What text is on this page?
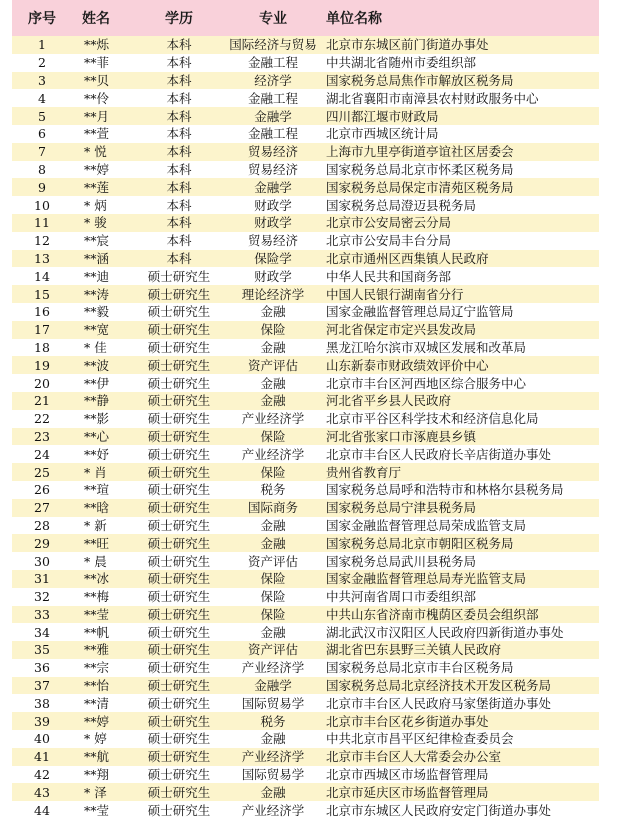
序号	姓名	学历	专业	单位名称
1	**烁	本科	国际经济与贸易	北京市东城区前门街道办事处
2	**菲	本科	金融工程	中共湖北省随州市委组织部
3	**贝	本科	经济学	国家税务总局焦作市解放区税务局
4	**伶	本科	金融工程	湖北省襄阳市南漳县农村财政服务中心
5	**月	本科	金融学	四川都江堰市财政局
6	**萱	本科	金融工程	北京市西城区统计局
7	* 悦	本科	贸易经济	上海市九里亭街道亭谊社区居委会
8	**婷	本科	贸易经济	国家税务总局北京市怀柔区税务局
9	**莲	本科	金融学	国家税务总局保定市清苑区税务局
10	* 炳	本科	财政学	国家税务总局澄迈县税务局
11	* 骏	本科	财政学	北京市公安局密云分局
12	**宸	本科	贸易经济	北京市公安局丰台分局
13	**涵	本科	保险学	北京市通州区西集镇人民政府
14	**迪	硕士研究生	财政学	中华人民共和国商务部
15	**涛	硕士研究生	理论经济学	中国人民银行湖南省分行
16	**毅	硕士研究生	金融	国家金融监督管理总局辽宁监管局
17	**宽	硕士研究生	保险	河北省保定市定兴县发改局
18	* 佳	硕士研究生	金融	黑龙江哈尔滨市双城区发展和改革局
19	**波	硕士研究生	资产评估	山东新泰市财政绩效评价中心
20	**伊	硕士研究生	金融	北京市丰台区河西地区综合服务中心
21	**静	硕士研究生	金融	河北省平乡县人民政府
22	**影	硕士研究生	产业经济学	北京市平谷区科学技术和经济信息化局
23	**心	硕士研究生	保险	河北省张家口市涿鹿县乡镇
24	**妤	硕士研究生	产业经济学	北京市丰台区人民政府长辛店街道办事处
25	* 肖	硕士研究生	保险	贵州省教育厅
26	**瑄	硕士研究生	税务	国家税务总局呼和浩特市和林格尔县税务局
27	**晗	硕士研究生	国际商务	国家税务总局宁津县税务局
28	* 新	硕士研究生	金融	国家金融监督管理总局荣成监管支局
29	**旺	硕士研究生	金融	国家税务总局北京市朝阳区税务局
30	* 晨	硕士研究生	资产评估	国家税务总局武川县税务局
31	**冰	硕士研究生	保险	国家金融监督管理总局寿光监管支局
32	**梅	硕士研究生	保险	中共河南省周口市委组织部
33	**莹	硕士研究生	保险	中共山东省济南市槐荫区委员会组织部
34	**帆	硕士研究生	金融	湖北武汉市汉阳区人民政府四新街道办事处
35	**雅	硕士研究生	资产评估	湖北省巴东县野三关镇人民政府
36	**宗	硕士研究生	产业经济学	国家税务总局北京市丰台区税务局
37	**怡	硕士研究生	金融学	国家税务总局北京经济技术开发区税务局
38	**清	硕士研究生	国际贸易学	北京市丰台区人民政府马家堡街道办事处
39	**婷	硕士研究生	税务	北京市丰台区花乡街道办事处
40	* 婷	硕士研究生	金融	中共北京市昌平区纪律检查委员会
41	**航	硕士研究生	产业经济学	北京市丰台区人大常委会办公室
42	**翔	硕士研究生	国际贸易学	北京市西城区市场监督管理局
43	* 泽	硕士研究生	金融	北京市延庆区市场监督管理局
44	**莹	硕士研究生	产业经济学	北京市东城区人民政府安定门街道办事处
